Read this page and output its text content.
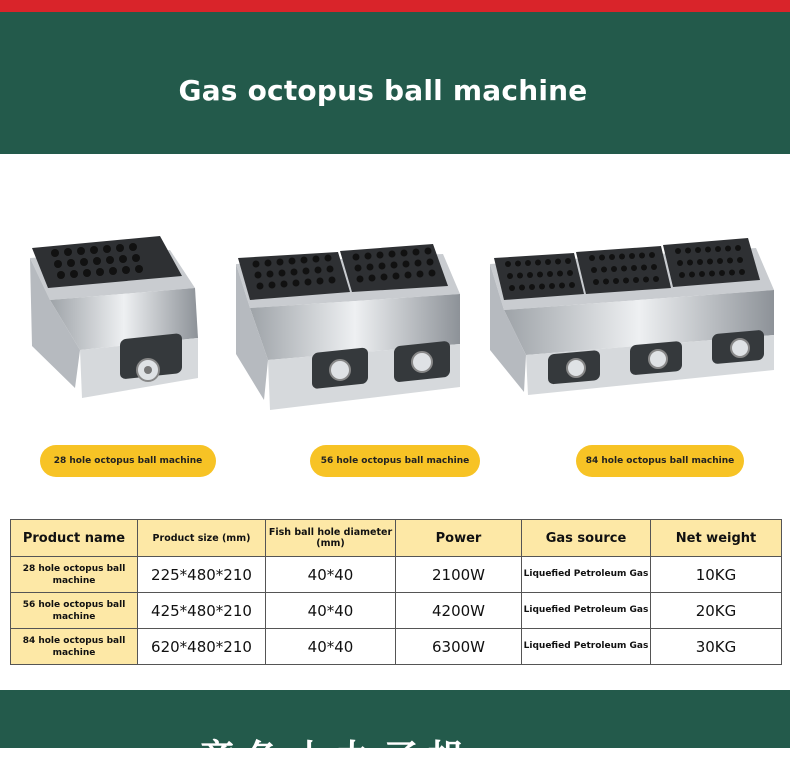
Gas octopus ball machine
28 hole octopus ball machine	56 hole octopus ball machine	84 hole octopus ball machine
Product name	Product size (mm)	Fish ball hole diameter (mm)	Power	Gas source	Net weight
28 hole octopus ball machine	225*480*210	40*40	2100W	Liquefied Petroleum Gas	10KG
56 hole octopus ball machine	425*480*210	40*40	4200W	Liquefied Petroleum Gas	20KG
84 hole octopus ball machine	620*480*210	40*40	6300W	Liquefied Petroleum Gas	30KG
章鱼小丸子机
